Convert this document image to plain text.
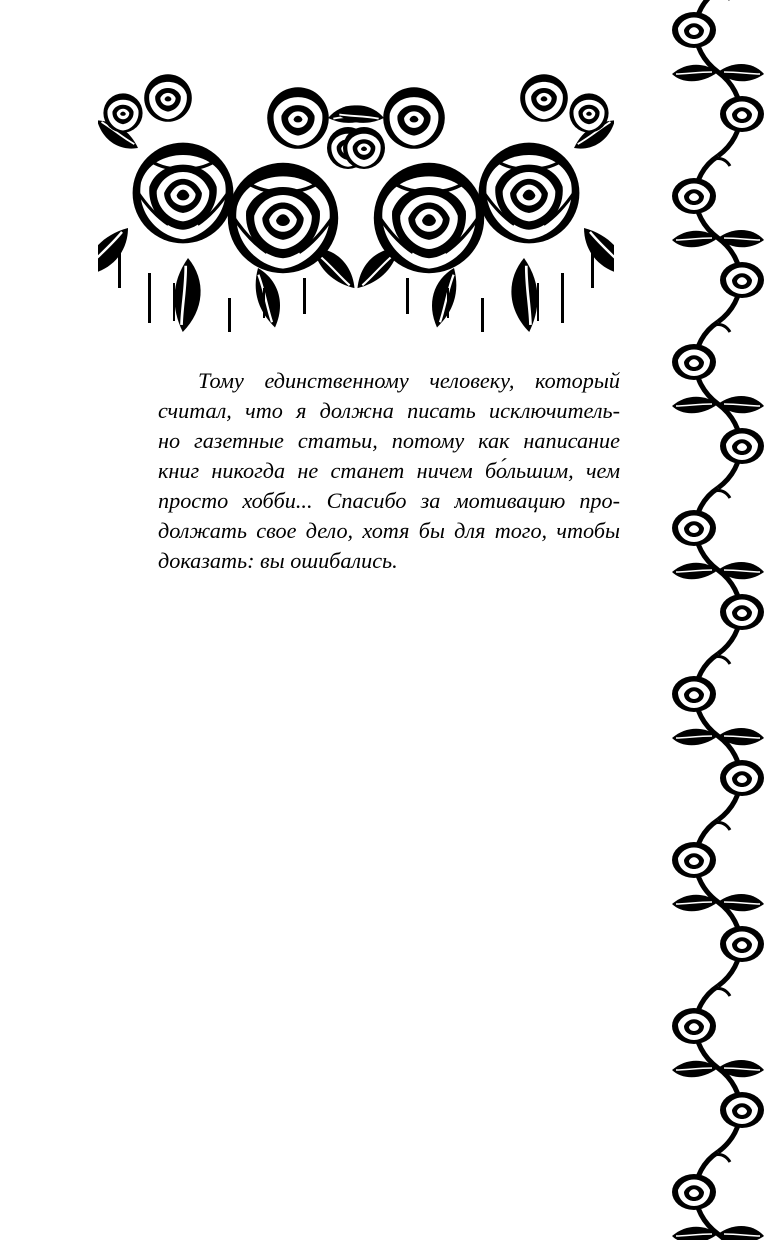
Тому единственному человеку, который
считал, что я должна писать исключитель-
но газетные статьи, потому как написание
книг никогда не станет ничем бо́льшим, чем
просто хобби... Спасибо за мотивацию про-
должать свое дело, хотя бы для того, чтобы
доказать: вы ошибались.
